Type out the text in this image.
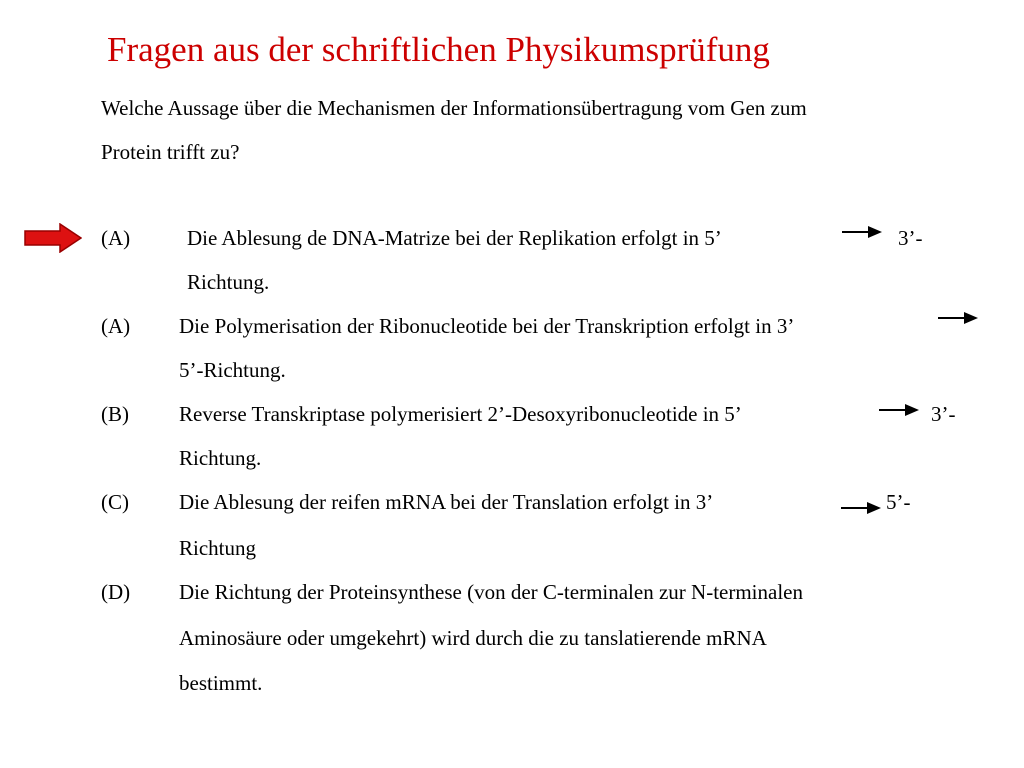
Fragen aus der schriftlichen Physikumsprüfung
Welche Aussage über die Mechanismen der Informationsübertragung vom Gen zum
Protein trifft zu?
(A)	Die Ablesung de DNA-Matrize bei der Replikation erfolgt in 5’	3’-
Richtung.
(A) Die Polymerisation der Ribonucleotide bei der Transkription erfolgt in 3’
5’-Richtung.
(B) Reverse Transkriptase polymerisiert 2’-Desoxyribonucleotide in 5’	3’-
Richtung.
(C) Die Ablesung der reifen mRNA bei der Translation erfolgt in 3’	5’-
Richtung
(D) Die Richtung der Proteinsynthese (von der C-terminalen zur N-terminalen
Aminosäure oder umgekehrt) wird durch die zu tanslatierende mRNA
bestimmt.
